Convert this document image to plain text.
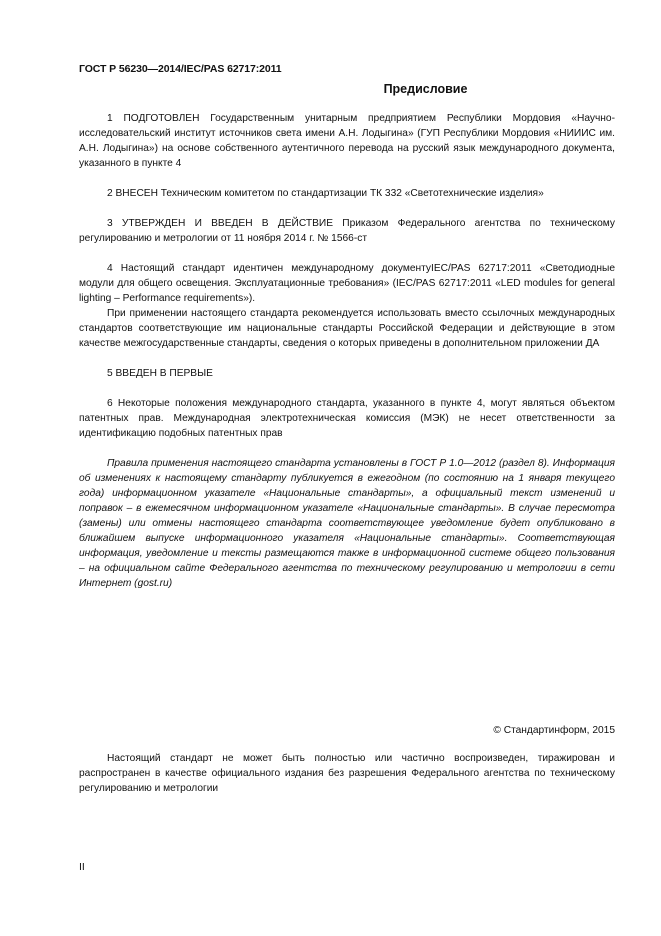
ГОСТ Р 56230—2014/IEC/PAS 62717:2011
Предисловие

1 ПОДГОТОВЛЕН Государственным унитарным предприятием Республики Мордовия «Научно-исследовательский институт источников света имени А.Н. Лодыгина» (ГУП Республики Мордовия «НИИИС им. А.Н. Лодыгина») на основе собственного аутентичного перевода на русский язык международного документа, указанного в пункте 4

2 ВНЕСЕН Техническим комитетом по стандартизации ТК 332 «Светотехнические изделия»

3 УТВЕРЖДЕН И ВВЕДЕН В ДЕЙСТВИЕ Приказом Федерального агентства по техническому регулированию и метрологии от 11 ноября 2014 г. № 1566-ст

4 Настоящий стандарт идентичен международному документуIEC/PAS 62717:2011 «Светодиодные модули для общего освещения. Эксплуатационные требования» (IEC/PAS 62717:2011 «LED modules for general lighting – Performance requirements»).

При применении настоящего стандарта рекомендуется использовать вместо ссылочных международных стандартов соответствующие им национальные стандарты Российской Федерации и действующие в этом качестве межгосударственные стандарты, сведения о которых приведены в дополнительном приложении ДА

5 ВВЕДЕН В ПЕРВЫЕ

6 Некоторые положения международного стандарта, указанного в пункте 4, могут являться объектом патентных прав. Международная электротехническая комиссия (МЭК) не несет ответственности за идентификацию подобных патентных прав

Правила применения настоящего стандарта установлены в ГОСТ Р 1.0—2012 (раздел 8). Информация об изменениях к настоящему стандарту публикуется в ежегодном (по состоянию на 1 января текущего года) информационном указателе «Национальные стандарты», а официальный текст изменений и поправок – в ежемесячном информационном указателе «Национальные стандарты». В случае пересмотра (замены) или отмены настоящего стандарта соответствующее уведомление будет опубликовано в ближайшем выпуске информационного указателя «Национальные стандарты». Соответствующая информация, уведомление и тексты размещаются также в информационной системе общего пользования – на официальном сайте Федерального агентства по техническому регулированию и метрологии в сети Интернет (gost.ru)

© Стандартинформ, 2015

Настоящий стандарт не может быть полностью или частично воспроизведен, тиражирован и распространен в качестве официального издания без разрешения Федерального агентства по техническому регулированию и метрологии

II
